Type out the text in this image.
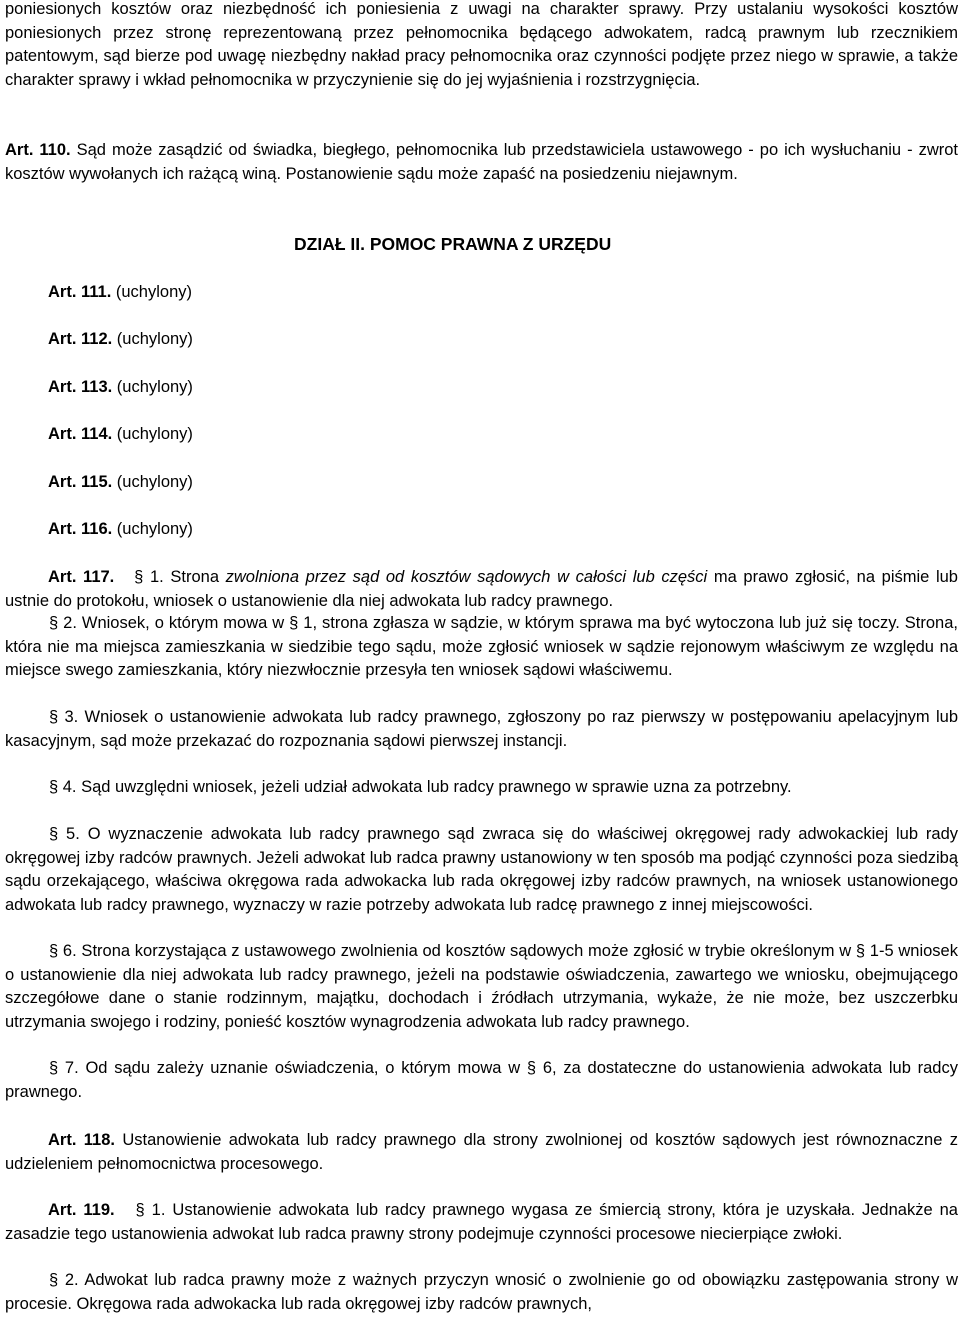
poniesionych kosztów oraz niezbędność ich poniesienia z uwagi na charakter sprawy. Przy ustalaniu wysokości kosztów poniesionych przez stronę reprezentowaną przez pełnomocnika będącego adwokatem, radcą prawnym lub rzecznikiem patentowym, sąd bierze pod uwagę niezbędny nakład pracy pełnomocnika oraz czynności podjęte przez niego w sprawie, a także charakter sprawy i wkład pełnomocnika w przyczynienie się do jej wyjaśnienia i rozstrzygnięcia.

Art. 110. Sąd może zasądzić od świadka, biegłego, pełnomocnika lub przedstawiciela ustawowego - po ich wysłuchaniu - zwrot kosztów wywołanych ich rażącą winą. Postanowienie sądu może zapaść na posiedzeniu niejawnym.

DZIAŁ II. POMOC PRAWNA Z URZĘDU

Art. 111. (uchylony)

Art. 112. (uchylony)

Art. 113. (uchylony)

Art. 114. (uchylony)

Art. 115. (uchylony)

Art. 116. (uchylony)

Art. 117. § 1. Strona zwolniona przez sąd od kosztów sądowych w całości lub części ma prawo zgłosić, na piśmie lub ustnie do protokołu, wniosek o ustanowienie dla niej adwokata lub radcy prawnego.

§ 2. Wniosek, o którym mowa w § 1, strona zgłasza w sądzie, w którym sprawa ma być wytoczona lub już się toczy. Strona, która nie ma miejsca zamieszkania w siedzibie tego sądu, może zgłosić wniosek w sądzie rejonowym właściwym ze względu na miejsce swego zamieszkania, który niezwłocznie przesyła ten wniosek sądowi właściwemu.

§ 3. Wniosek o ustanowienie adwokata lub radcy prawnego, zgłoszony po raz pierwszy w postępowaniu apelacyjnym lub kasacyjnym, sąd może przekazać do rozpoznania sądowi pierwszej instancji.

§ 4. Sąd uwzględni wniosek, jeżeli udział adwokata lub radcy prawnego w sprawie uzna za potrzebny.

§ 5. O wyznaczenie adwokata lub radcy prawnego sąd zwraca się do właściwej okręgowej rady adwokackiej lub rady okręgowej izby radców prawnych. Jeżeli adwokat lub radca prawny ustanowiony w ten sposób ma podjąć czynności poza siedzibą sądu orzekającego, właściwa okręgowa rada adwokacka lub rada okręgowej izby radców prawnych, na wniosek ustanowionego adwokata lub radcy prawnego, wyznaczy w razie potrzeby adwokata lub radcę prawnego z innej miejscowości.

§ 6. Strona korzystająca z ustawowego zwolnienia od kosztów sądowych może zgłosić w trybie określonym w § 1-5 wniosek o ustanowienie dla niej adwokata lub radcy prawnego, jeżeli na podstawie oświadczenia, zawartego we wniosku, obejmującego szczegółowe dane o stanie rodzinnym, majątku, dochodach i źródłach utrzymania, wykaże, że nie może, bez uszczerbku utrzymania swojego i rodziny, ponieść kosztów wynagrodzenia adwokata lub radcy prawnego.

§ 7. Od sądu zależy uznanie oświadczenia, o którym mowa w § 6, za dostateczne do ustanowienia adwokata lub radcy prawnego.

Art. 118. Ustanowienie adwokata lub radcy prawnego dla strony zwolnionej od kosztów sądowych jest równoznaczne z udzieleniem pełnomocnictwa procesowego.

Art. 119. § 1. Ustanowienie adwokata lub radcy prawnego wygasa ze śmiercią strony, która je uzyskała. Jednakże na zasadzie tego ustanowienia adwokat lub radca prawny strony podejmuje czynności procesowe niecierpiące zwłoki.

§ 2. Adwokat lub radca prawny może z ważnych przyczyn wnosić o zwolnienie go od obowiązku zastępowania strony w procesie. Okręgowa rada adwokacka lub rada okręgowej izby radców prawnych,
